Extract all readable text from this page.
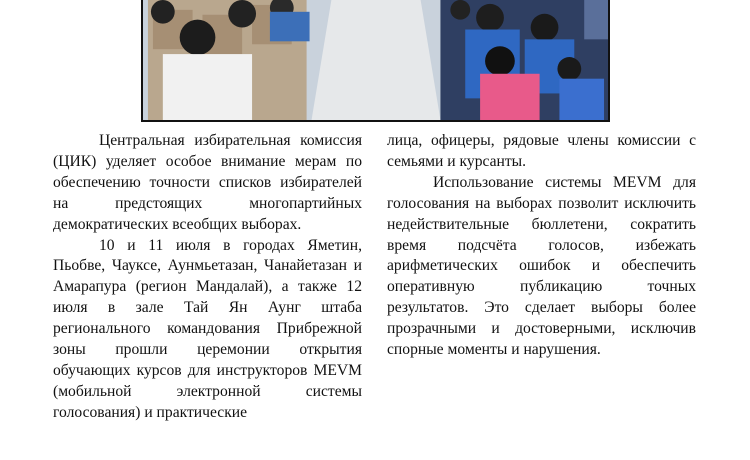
Центральная избирательная комиссия (ЦИК) уделяет особое внимание мерам по обеспечению точности списков избирателей на предстоящих многопартийных демократических всеобщих выборах.

10 и 11 июля в городах Яметин, Пьобве, Чауксе, Аунмьетазан, Чанайетазан и Амарапура (регион Мандалай), а также 12 июля в зале Тай Ян Аунг штаба регионального командования Прибрежной зоны прошли церемонии открытия обучающих курсов для инструкторов MEVM (мобильной электронной системы голосования) и практические

лица, офицеры, рядовые члены комиссии с семьями и курсанты.

Использование системы MEVM для голосования на выборах позволит исключить недействительные бюллетени, сократить время подсчёта голосов, избежать арифметических ошибок и обеспечить оперативную публикацию точных результатов. Это сделает выборы более прозрачными и достоверными, исключив спорные моменты и нарушения.
